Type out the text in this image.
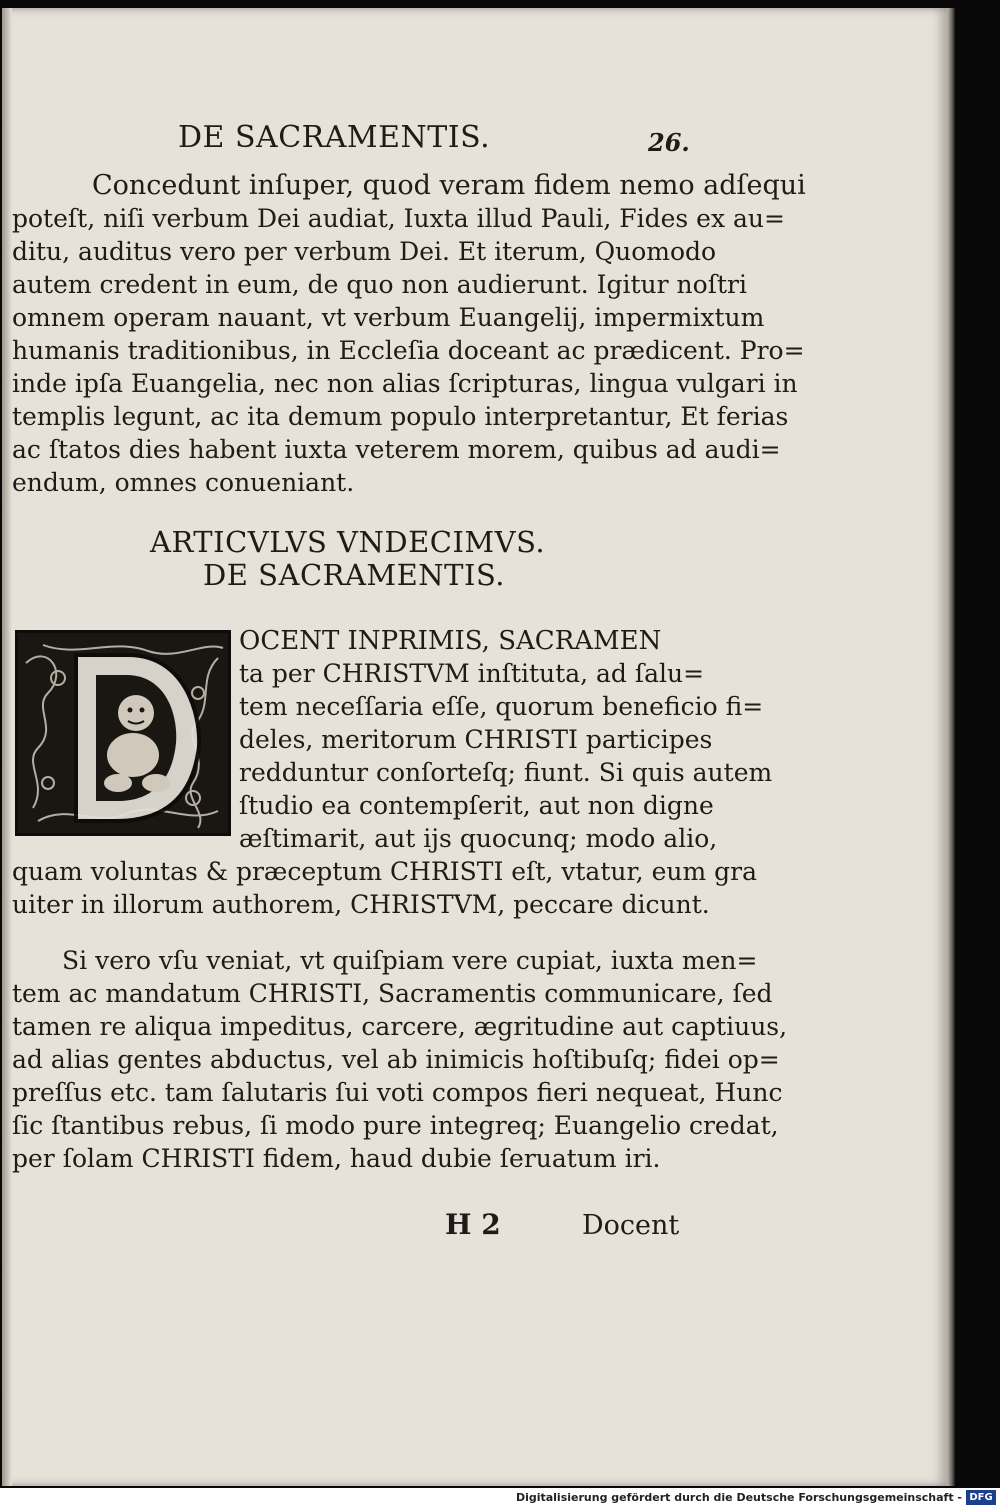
DE SACRAMENTIS.	26.
Concedunt inſuper, quod veram fidem nemo adſequi
poteſt, niſi verbum Dei audiat, Iuxta illud Pauli, Fides ex au=
ditu, auditus vero per verbum Dei. Et iterum, Quomodo
autem credent in eum, de quo non audierunt. Igitur noſtri
omnem operam nauant, vt verbum Euangelij, impermixtum
humanis traditionibus, in Eccleſia doceant ac prædicent. Pro=
inde ipſa Euangelia, nec non alias ſcripturas, lingua vulgari in
templis legunt, ac ita demum populo interpretantur, Et ferias
ac ſtatos dies habent iuxta veterem morem, quibus ad audi=
endum, omnes conueniant.
ARTICVLVS VNDECIMVS.
DE SACRAMENTIS.
OCENT INPRIMIS, SACRAMEN
ta per CHRISTVM inſtituta, ad ſalu=
tem neceſſaria eſſe, quorum beneficio fi=
deles, meritorum CHRISTI participes
redduntur conſorteſq; fiunt. Si quis autem
ſtudio ea contempſerit, aut non digne
æſtimarit, aut ijs quocunq; modo alio,
quam voluntas & præceptum CHRISTI eſt, vtatur, eum gra
uiter in illorum authorem, CHRISTVM, peccare dicunt.
Si vero vſu veniat, vt quiſpiam vere cupiat, iuxta men=
tem ac mandatum CHRISTI, Sacramentis communicare, ſed
tamen re aliqua impeditus, carcere, ægritudine aut captiuus,
ad alias gentes abductus, vel ab inimicis hoſtibuſq; fidei op=
preſſus etc. tam ſalutaris ſui voti compos fieri nequeat, Hunc
ſic ſtantibus rebus, ſi modo pure integreq; Euangelio credat,
per ſolam CHRISTI fidem, haud dubie ſeruatum iri.
H 2	Docent
Digitalisierung gefördert durch die Deutsche Forschungsgemeinschaft - DFG
